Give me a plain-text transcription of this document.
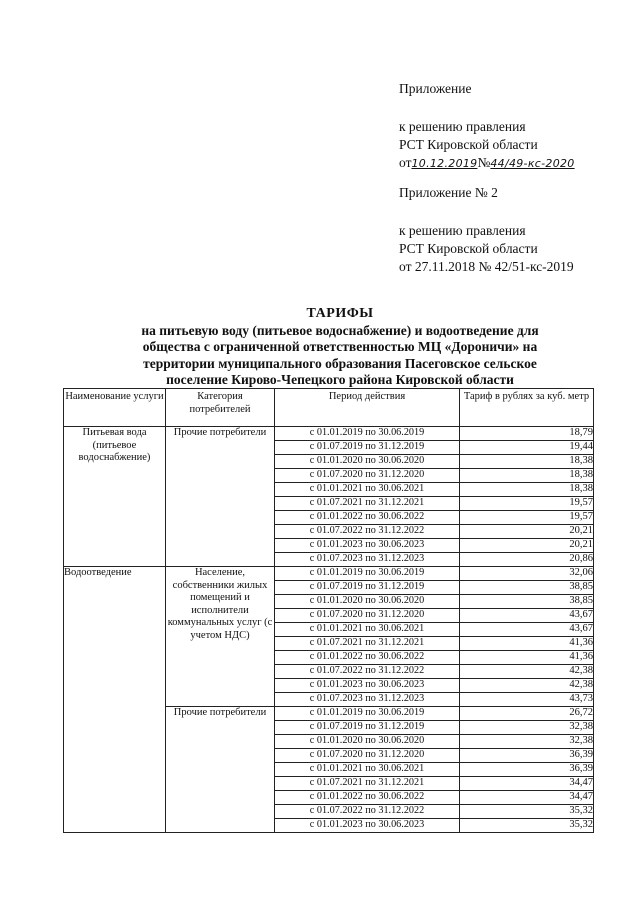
Приложение
к решению правления
РСТ Кировской области
от10.12.2019№44/49-кс-2020
Приложение № 2
к решению правления
РСТ Кировской области
от 27.11.2018 № 42/51-кс-2019
ТАРИФЫ
на питьевую воду (питьевое водоснабжение) и водоотведение для
общества с ограниченной ответственностью МЦ «Дороничи» на
территории муниципального образования Пасеговское сельское
поселение Кирово-Чепецкого района Кировской области
Наименование услуги	Категория потребителей	Период действия	Тариф в рублях за куб. метр
Питьевая вода (питьевое водоснабжение)	Прочие потребители	с 01.01.2019 по 30.06.2019	18,79
		с 01.07.2019 по 31.12.2019	19,44
		с 01.01.2020 по 30.06.2020	18,38
		с 01.07.2020 по 31.12.2020	18,38
		с 01.01.2021 по 30.06.2021	18,38
		с 01.07.2021 по 31.12.2021	19,57
		с 01.01.2022 по 30.06.2022	19,57
		с 01.07.2022 по 31.12.2022	20,21
		с 01.01.2023 по 30.06.2023	20,21
		с 01.07.2023 по 31.12.2023	20,86
Водоотведение	Население, собственники жилых помещений и исполнители коммунальных услуг (с учетом НДС)	с 01.01.2019 по 30.06.2019	32,06
		с 01.07.2019 по 31.12.2019	38,85
		с 01.01.2020 по 30.06.2020	38,85
		с 01.07.2020 по 31.12.2020	43,67
		с 01.01.2021 по 30.06.2021	43,67
		с 01.07.2021 по 31.12.2021	41,36
		с 01.01.2022 по 30.06.2022	41,36
		с 01.07.2022 по 31.12.2022	42,38
		с 01.01.2023 по 30.06.2023	42,38
		с 01.07.2023 по 31.12.2023	43,73
	Прочие потребители	с 01.01.2019 по 30.06.2019	26,72
		с 01.07.2019 по 31.12.2019	32,38
		с 01.01.2020 по 30.06.2020	32,38
		с 01.07.2020 по 31.12.2020	36,39
		с 01.01.2021 по 30.06.2021	36,39
		с 01.07.2021 по 31.12.2021	34,47
		с 01.01.2022 по 30.06.2022	34,47
		с 01.07.2022 по 31.12.2022	35,32
		с 01.01.2023 по 30.06.2023	35,32
